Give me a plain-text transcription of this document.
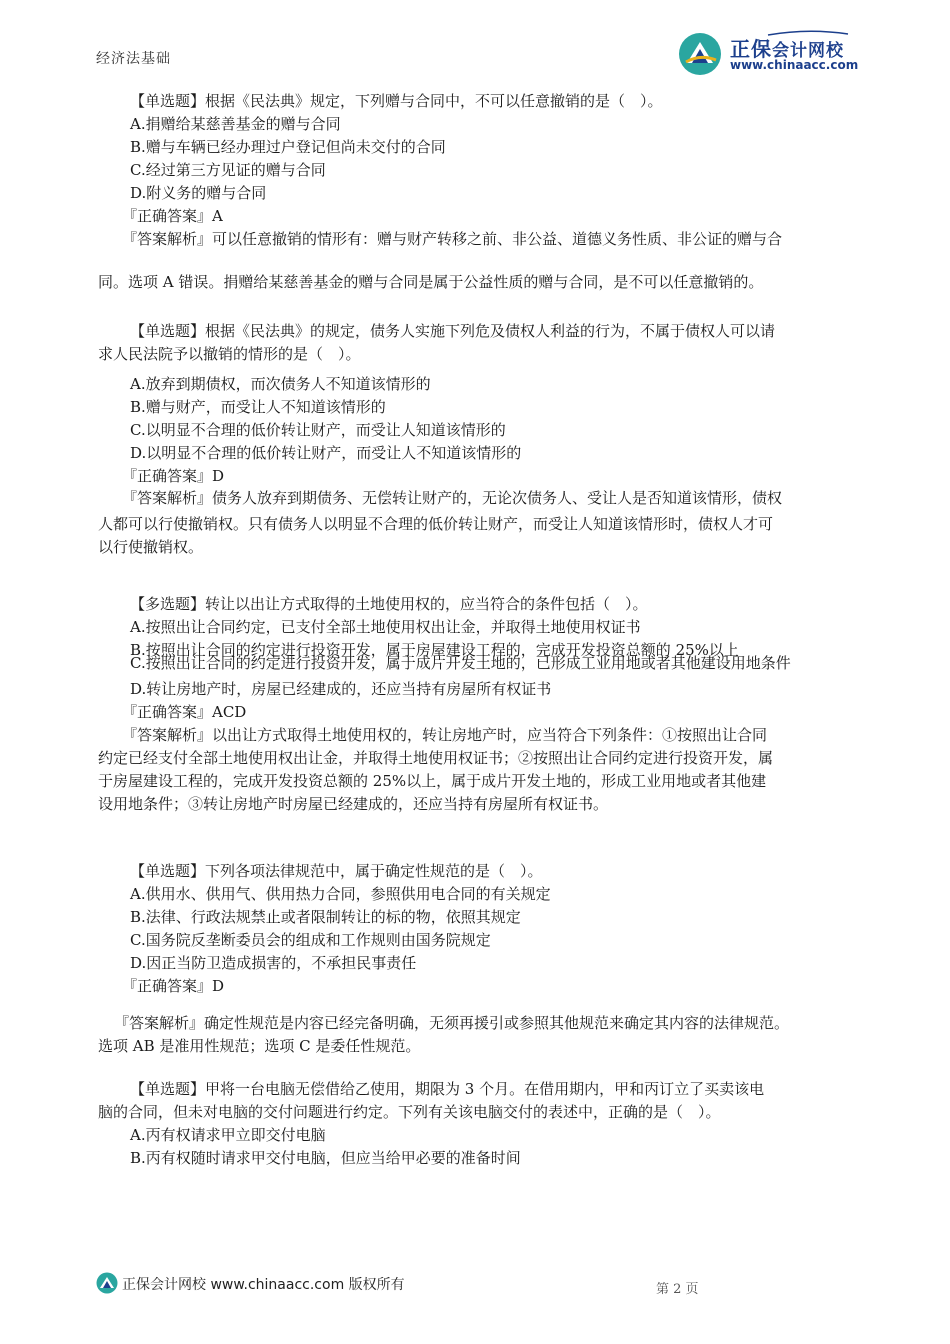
经济法基础	正保会计网校
www.chinaacc.com

【单选题】根据《民法典》规定，下列赠与合同中，不可以任意撤销的是（　）。

A.捐赠给某慈善基金的赠与合同

B.赠与车辆已经办理过户登记但尚未交付的合同

C.经过第三方见证的赠与合同

D.附义务的赠与合同

『正确答案』A

『答案解析』可以任意撤销的情形有：赠与财产转移之前、非公益、道德义务性质、非公证的赠与合

同。选项 A 错误。捐赠给某慈善基金的赠与合同是属于公益性质的赠与合同，是不可以任意撤销的。

【单选题】根据《民法典》的规定，债务人实施下列危及债权人利益的行为，不属于债权人可以请

求人民法院予以撤销的情形的是（　）。

A.放弃到期债权，而次债务人不知道该情形的

B.赠与财产，而受让人不知道该情形的

C.以明显不合理的低价转让财产，而受让人知道该情形的

D.以明显不合理的低价转让财产，而受让人不知道该情形的

『正确答案』D

『答案解析』债务人放弃到期债务、无偿转让财产的，无论次债务人、受让人是否知道该情形，债权

人都可以行使撤销权。只有债务人以明显不合理的低价转让财产，而受让人知道该情形时，债权人才可

以行使撤销权。

【多选题】转让以出让方式取得的土地使用权的，应当符合的条件包括（　）。

A.按照出让合同约定，已支付全部土地使用权出让金，并取得土地使用权证书

B.按照出让合同的约定进行投资开发，属于房屋建设工程的，完成开发投资总额的 25%以上
C.按照出让合同的约定进行投资开发，属于成片开发土地的，已形成工业用地或者其他建设用地条件

D.转让房地产时，房屋已经建成的，还应当持有房屋所有权证书

『正确答案』ACD

『答案解析』以出让方式取得土地使用权的，转让房地产时，应当符合下列条件：①按照出让合同

约定已经支付全部土地使用权出让金，并取得土地使用权证书；②按照出让合同约定进行投资开发，属

于房屋建设工程的，完成开发投资总额的 25%以上，属于成片开发土地的，形成工业用地或者其他建

设用地条件；③转让房地产时房屋已经建成的，还应当持有房屋所有权证书。

【单选题】下列各项法律规范中，属于确定性规范的是（　）。

A.供用水、供用气、供用热力合同，参照供用电合同的有关规定

B.法律、行政法规禁止或者限制转让的标的物，依照其规定

C.国务院反垄断委员会的组成和工作规则由国务院规定

D.因正当防卫造成损害的，不承担民事责任

『正确答案』D

『答案解析』确定性规范是内容已经完备明确，无须再援引或参照其他规范来确定其内容的法律规范。

选项 AB 是准用性规范；选项 C 是委任性规范。

【单选题】甲将一台电脑无偿借给乙使用，期限为 3 个月。在借用期内，甲和丙订立了买卖该电

脑的合同，但未对电脑的交付问题进行约定。下列有关该电脑交付的表述中，正确的是（　）。

A.丙有权请求甲立即交付电脑

B.丙有权随时请求甲交付电脑，但应当给甲必要的准备时间

正保会计网校 www.chinaacc.com 版权所有	第 2 页
